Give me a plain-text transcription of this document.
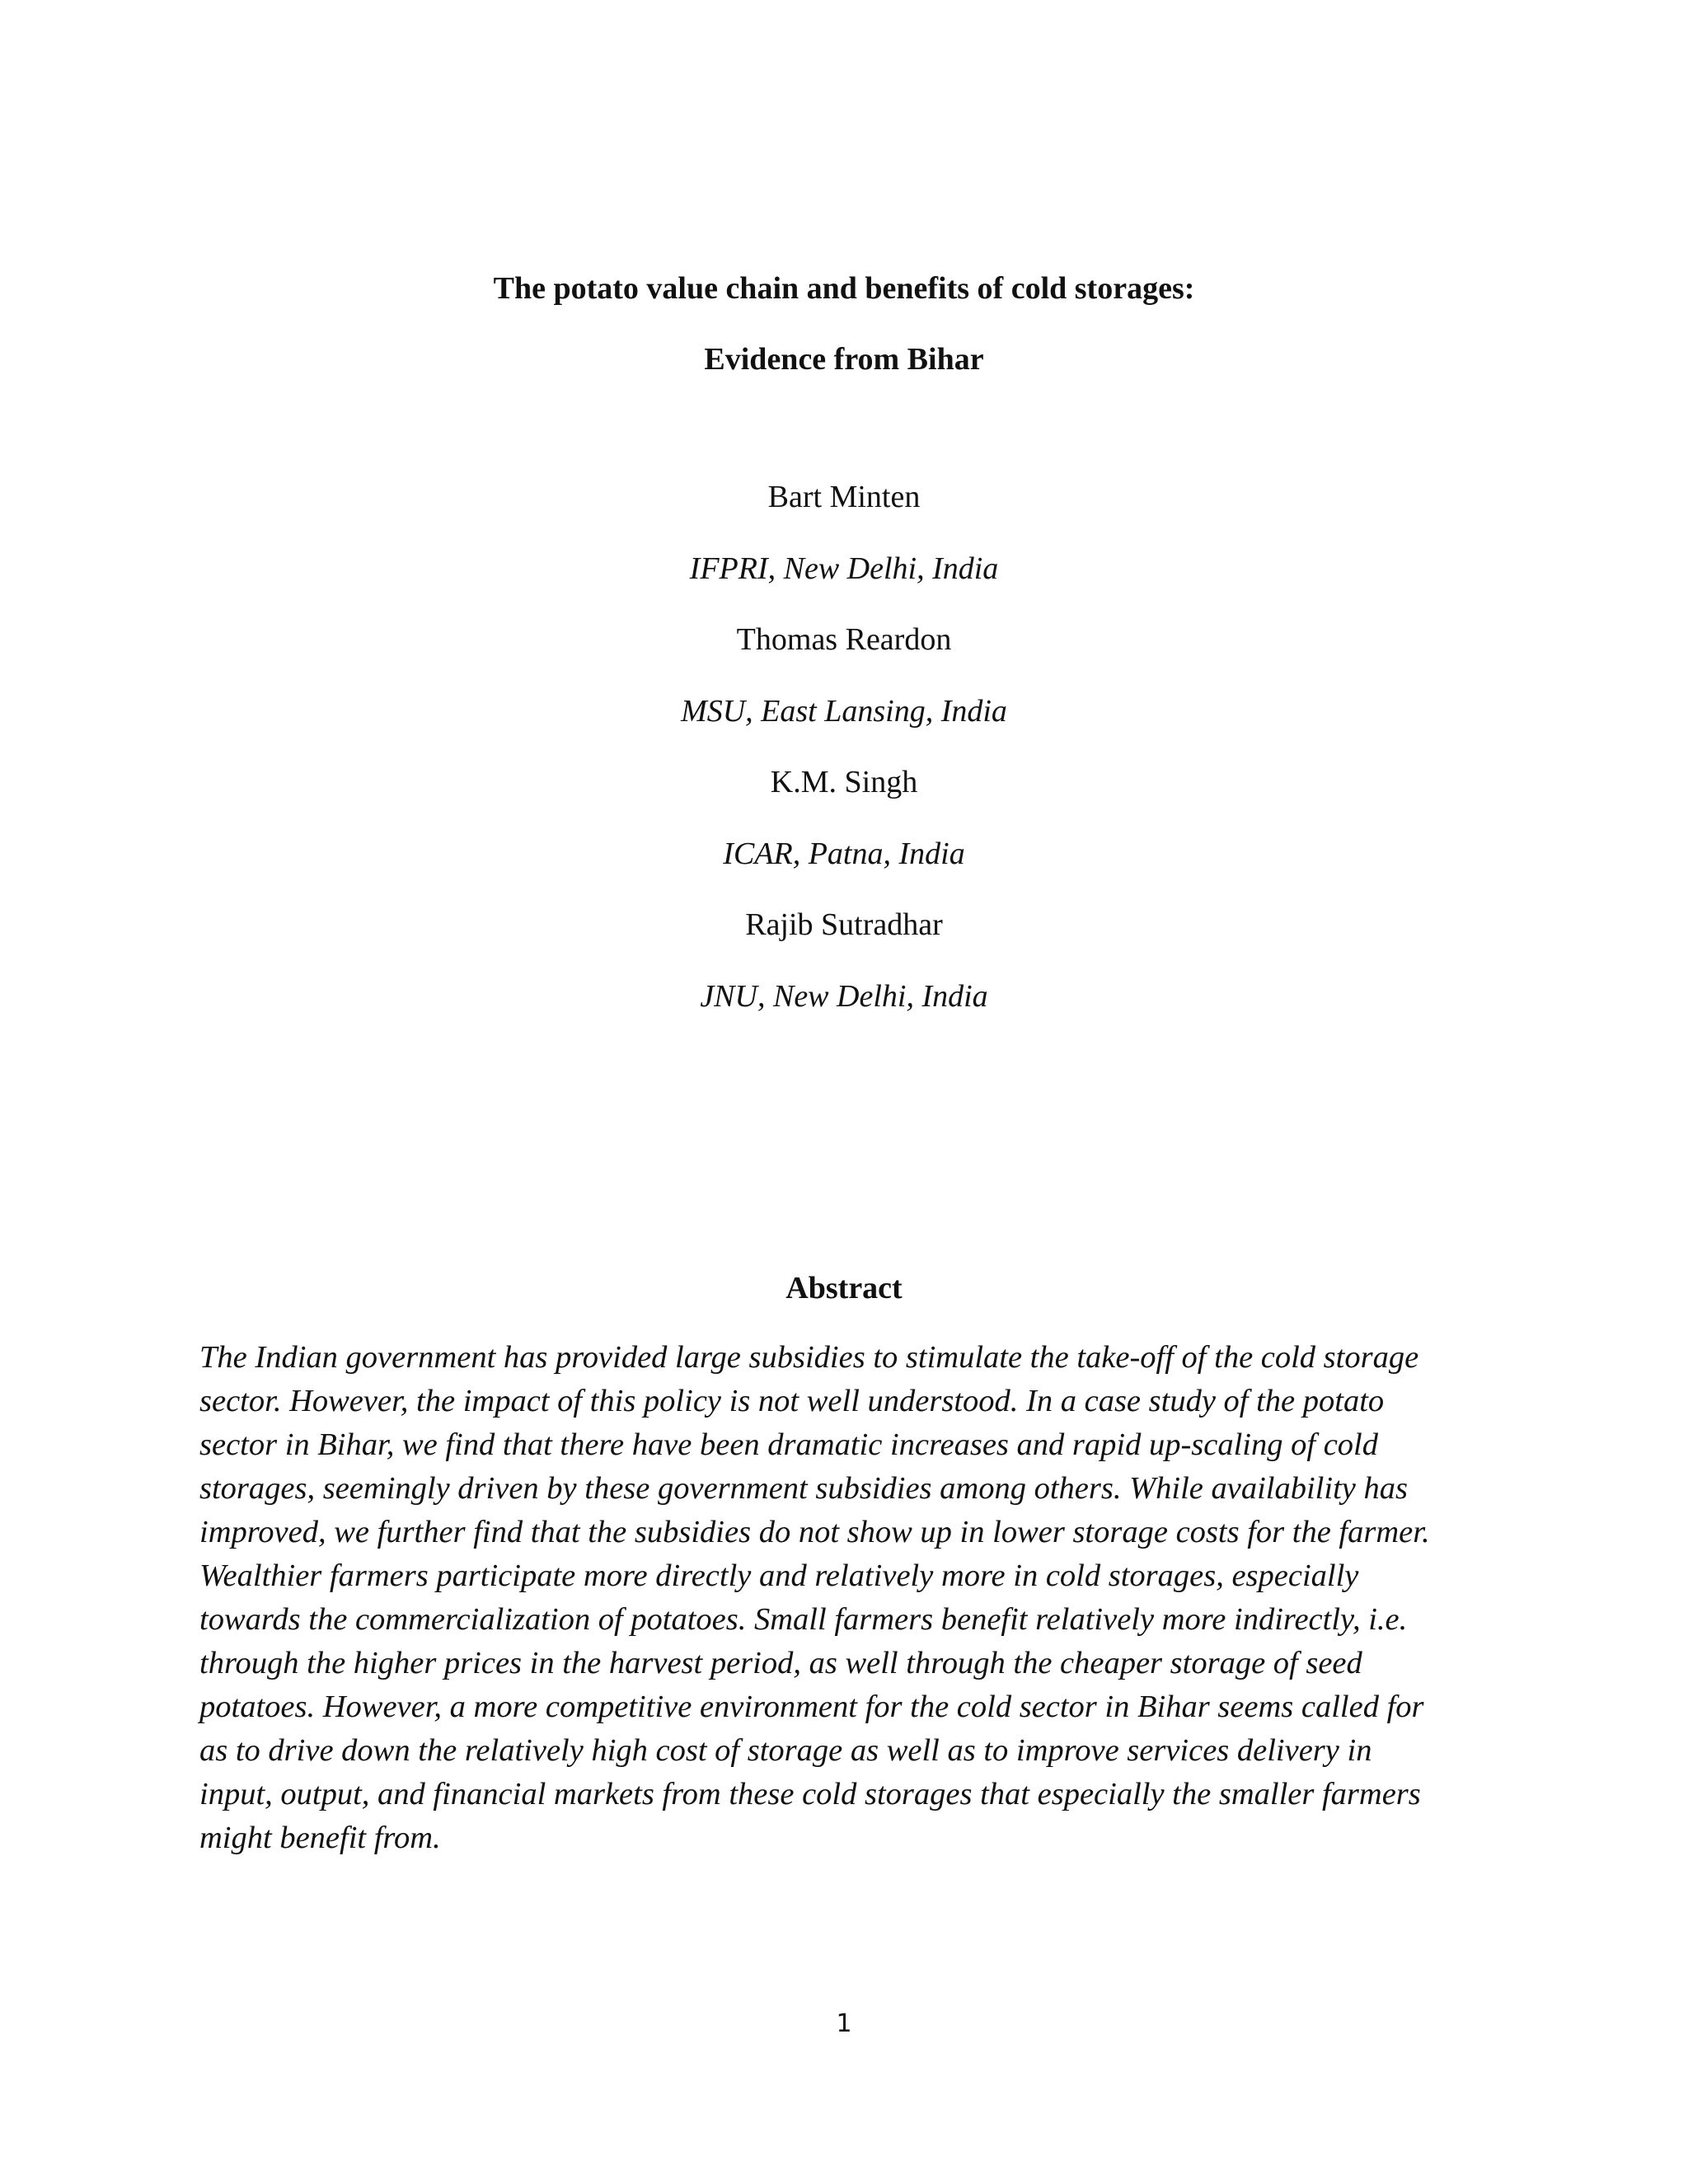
The potato value chain and benefits of cold storages:
Evidence from Bihar
Bart Minten
IFPRI, New Delhi, India
Thomas Reardon
MSU, East Lansing, India
K.M. Singh
ICAR, Patna, India
Rajib Sutradhar
JNU, New Delhi, India
Abstract

The Indian government has provided large subsidies to stimulate the take-off of the cold storage
sector. However, the impact of this policy is not well understood. In a case study of the potato
sector in Bihar, we find that there have been dramatic increases and rapid up-scaling of cold
storages, seemingly driven by these government subsidies among others. While availability has
improved, we further find that the subsidies do not show up in lower storage costs for the farmer.
Wealthier farmers participate more directly and relatively more in cold storages, especially
towards the commercialization of potatoes. Small farmers benefit relatively more indirectly, i.e.
through the higher prices in the harvest period, as well through the cheaper storage of seed
potatoes. However, a more competitive environment for the cold sector in Bihar seems called for
as to drive down the relatively high cost of storage as well as to improve services delivery in
input, output, and financial markets from these cold storages that especially the smaller farmers
might benefit from.

1
